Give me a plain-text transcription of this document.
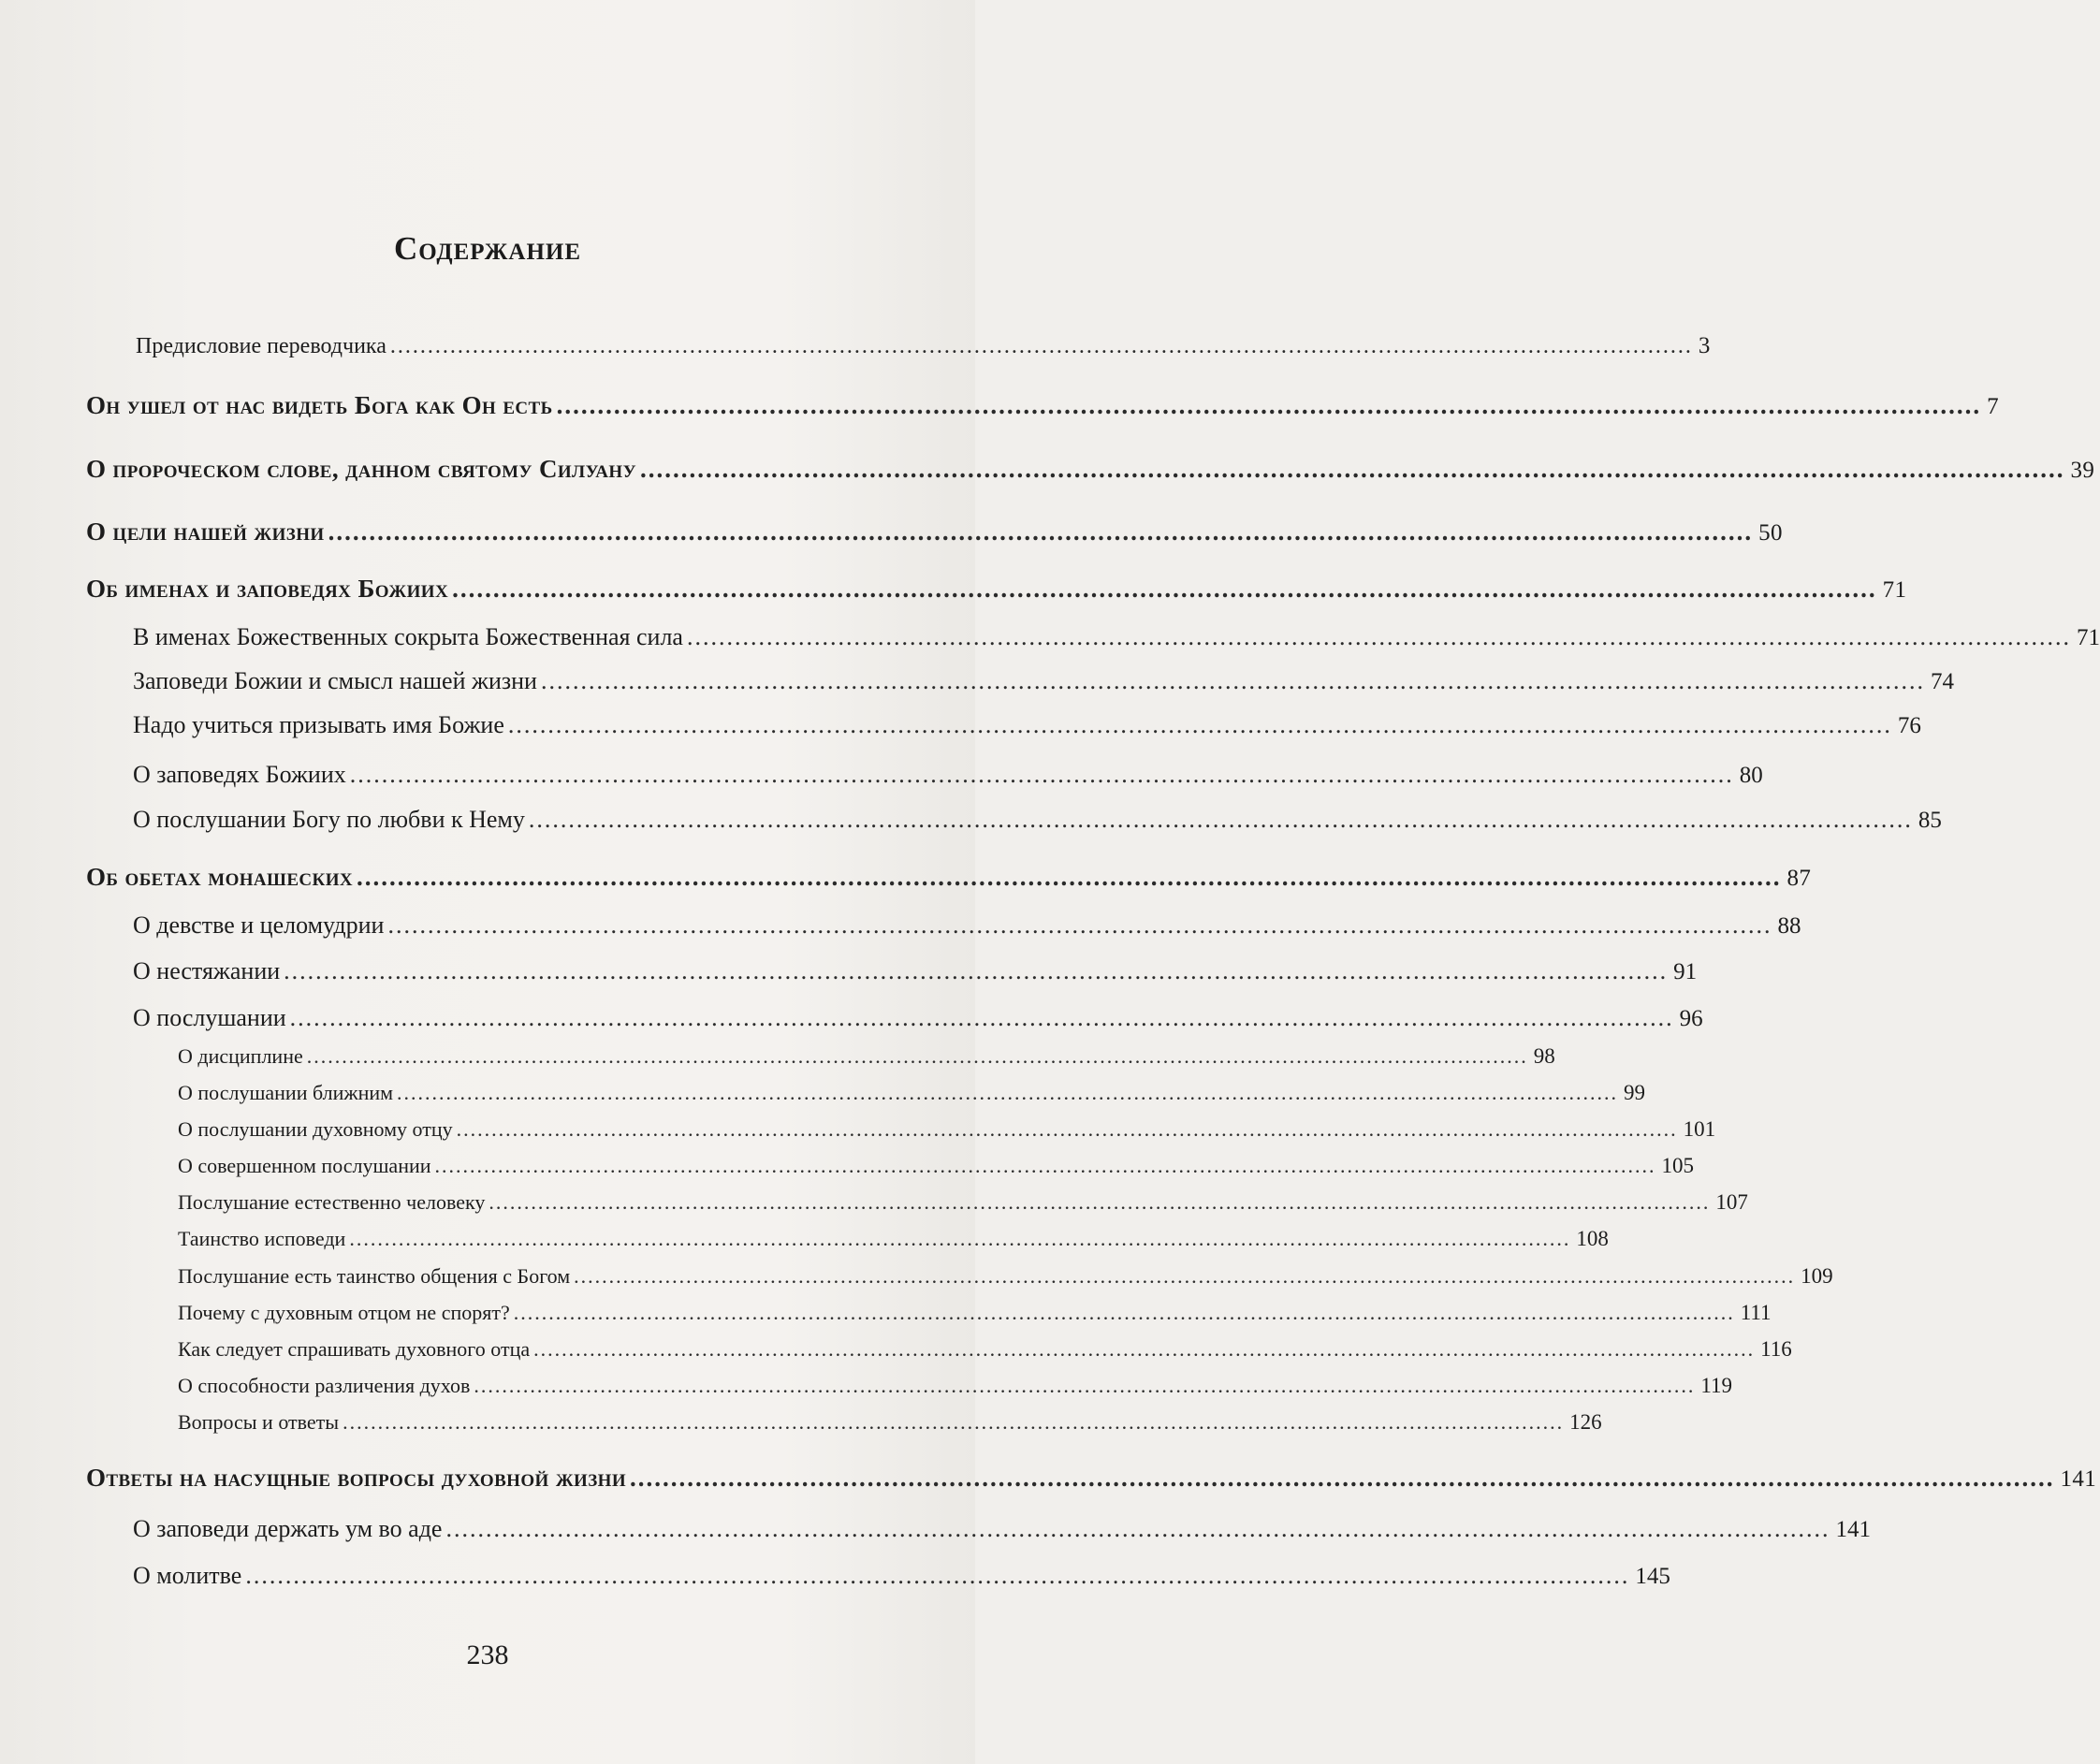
Содержание
Предисловие переводчика .............................................................................................................................................................................. 3
Он ушел от нас видеть Бога как Он есть .............................................................................................................................................................................. 7
О пророческом слове, данном святому Силуану .............................................................................................................................................................................. 39
О цели нашей жизни .............................................................................................................................................................................. 50
Об именах и заповедях Божиих .............................................................................................................................................................................. 71
В именах Божественных сокрыта Божественная сила .............................................................................................................................................................................. 71
Заповеди Божии и смысл нашей жизни .............................................................................................................................................................................. 74
Надо учиться призывать имя Божие .............................................................................................................................................................................. 76
О заповедях Божиих .............................................................................................................................................................................. 80
О послушании Богу по любви к Нему .............................................................................................................................................................................. 85
Об обетах монашеских .............................................................................................................................................................................. 87
О девстве и целомудрии .............................................................................................................................................................................. 88
О нестяжании .............................................................................................................................................................................. 91
О послушании .............................................................................................................................................................................. 96
О дисциплине .............................................................................................................................................................................. 98
О послушании ближним .............................................................................................................................................................................. 99
О послушании духовному отцу .............................................................................................................................................................................. 101
О совершенном послушании .............................................................................................................................................................................. 105
Послушание естественно человеку .............................................................................................................................................................................. 107
Таинство исповеди .............................................................................................................................................................................. 108
Послушание есть таинство общения с Богом .............................................................................................................................................................................. 109
Почему с духовным отцом не спорят? .............................................................................................................................................................................. 111
Как следует спрашивать духовного отца .............................................................................................................................................................................. 116
О способности различения духов .............................................................................................................................................................................. 119
Вопросы и ответы .............................................................................................................................................................................. 126
Ответы на насущные вопросы духовной жизни .............................................................................................................................................................................. 141
О заповеди держать ум во аде .............................................................................................................................................................................. 141
О молитве .............................................................................................................................................................................. 145
238
